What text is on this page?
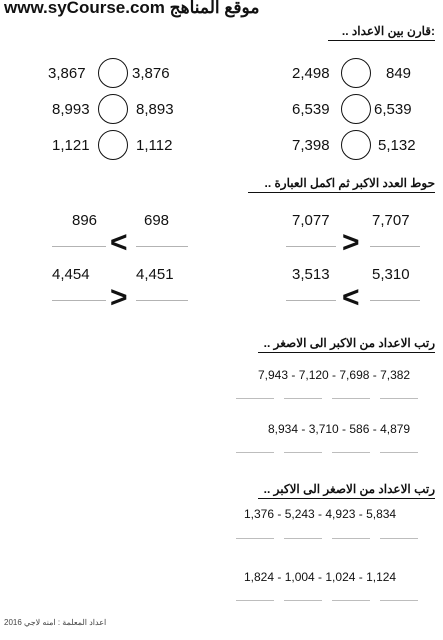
www.syCourse.com موقع المناهج
:قارن بين الاعداد ..
3,867	3,876
8,993	8,893
1,121	1,112
2,498	849
6,539	6,539
7,398	5,132
حوط العدد الاكبر ثم اكمل العبارة ..
896	698
<
4,454	4,451
>
7,077	7,707
>
3,513	5,310
<
رتب الاعداد من الاكبر الى الاصغر ..
7,943 - 7,120 - 7,698 - 7,382
8,934 - 3,710 - 586 - 4,879
رتب الاعداد من الاصغر الى الاكبر ..
1,376 - 5,243 - 4,923 - 5,834
1,824 - 1,004 - 1,024 - 1,124
اعداد المعلمة : امنه لاجي 2016
